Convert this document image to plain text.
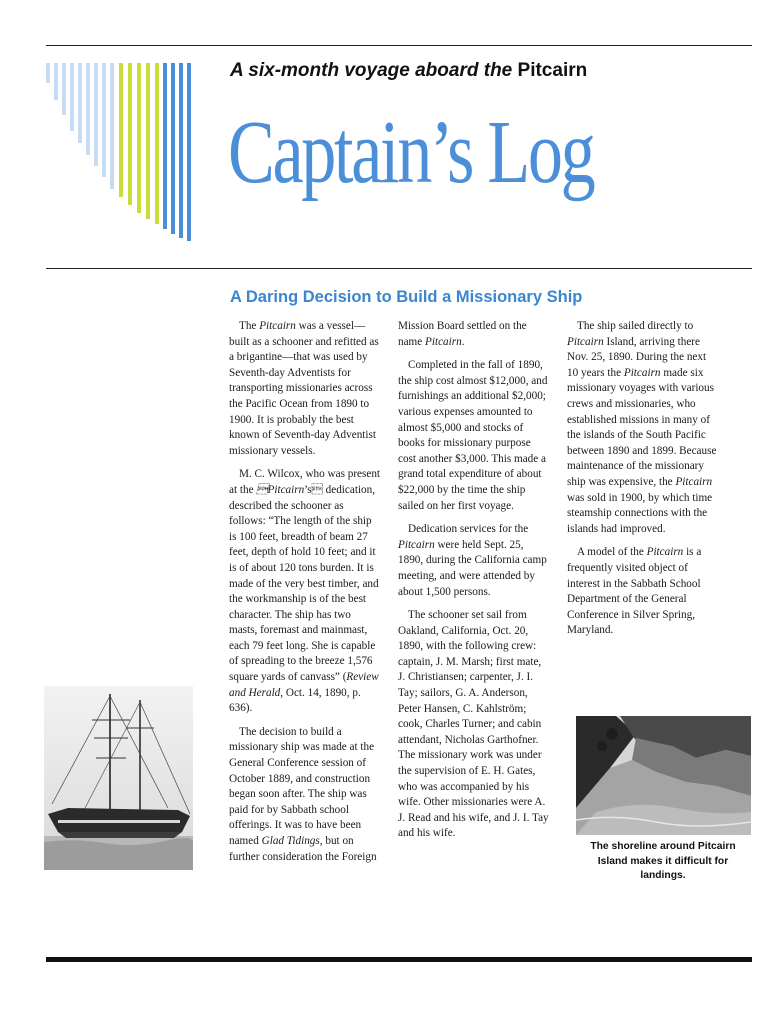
A six-month voyage aboard the Pitcairn

Captain’s Log
A Daring Decision to Build a Missionary Ship

The Pitcairn was a vessel—built as a schooner and refitted as a brigantine—that was used by Seventh-day Adventists for transporting missionaries across the Pacific Ocean from 1890 to 1900. It is probably the best known of Seventh-day Adventist missionary vessels.

M. C. Wilcox, who was present at the Pitcairn’s dedication, described the schooner as follows: “The length of the ship is 100 feet, breadth of beam 27 feet, depth of hold 10 feet; and it is of about 120 tons burden. It is made of the very best timber, and the workmanship is of the best character. The ship has two masts, foremast and mainmast, each 79 feet long. She is capable of spreading to the breeze 1,576 square yards of canvass” (Review and Herald, Oct. 14, 1890, p. 636).

The decision to build a missionary ship was made at the General Conference session of October 1889, and construction began soon after. The ship was paid for by Sabbath school offerings. It was to have been named Glad Tidings, but on further consideration the Foreign

Mission Board settled on the name Pitcairn.

Completed in the fall of 1890, the ship cost almost $12,000, and furnishings an additional $2,000; various expenses amounted to almost $5,000 and stocks of books for missionary purpose cost another $3,000. This made a grand total expenditure of about $22,000 by the time the ship sailed on her first voyage.

Dedication services for the Pitcairn were held Sept. 25, 1890, during the California camp meeting, and were attended by about 1,500 persons.

The schooner set sail from Oakland, California, Oct. 20, 1890, with the following crew: captain, J. M. Marsh; first mate, J. Christiansen; carpenter, J. I. Tay; sailors, G. A. Anderson, Peter Hansen, C. Kahlström; cook, Charles Turner; and cabin attendant, Nicholas Garthofner. The missionary work was under the supervision of E. H. Gates, who was accompanied by his wife. Other missionaries were A. J. Read and his wife, and J. I. Tay and his wife.

The ship sailed directly to Pitcairn Island, arriving there Nov. 25, 1890. During the next 10 years the Pitcairn made six missionary voyages with various crews and missionaries, who established missions in many of the islands of the South Pacific between 1890 and 1899. Because maintenance of the missionary ship was expensive, the Pitcairn was sold in 1900, by which time steamship connections with the islands had improved.

A model of the Pitcairn is a frequently visited object of interest in the Sabbath School Department of the General Conference in Silver Spring, Maryland.

The shoreline around Pitcairn Island makes it difficult for landings.
